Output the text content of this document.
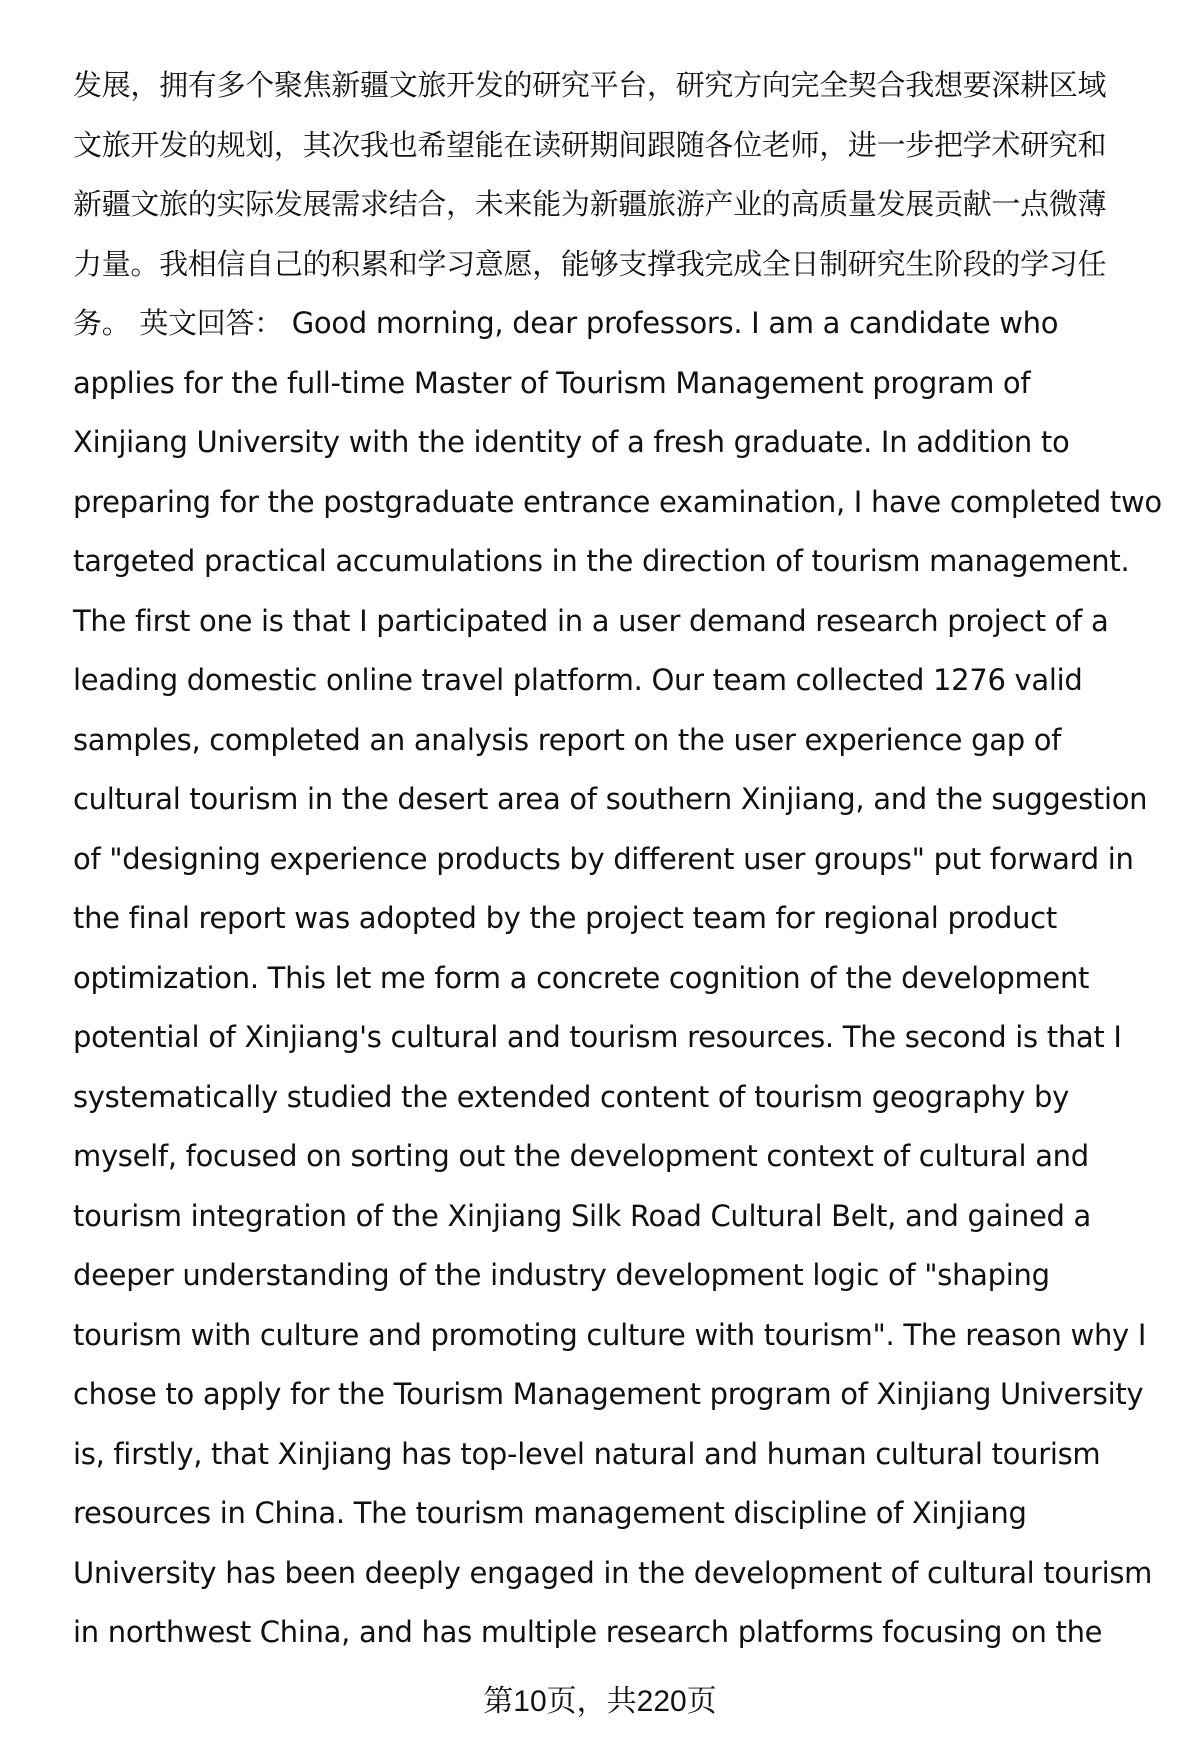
发展，拥有多个聚焦新疆文旅开发的研究平台，研究方向完全契合我想要深耕区域
文旅开发的规划，其次我也希望能在读研期间跟随各位老师，进一步把学术研究和
新疆文旅的实际发展需求结合，未来能为新疆旅游产业的高质量发展贡献一点微薄
力量。我相信自己的积累和学习意愿，能够支撑我完成全日制研究生阶段的学习任
务。 英文回答： Good morning, dear professors. I am a candidate who
applies for the full-time Master of Tourism Management program of
Xinjiang University with the identity of a fresh graduate. In addition to
preparing for the postgraduate entrance examination, I have completed two
targeted practical accumulations in the direction of tourism management.
The first one is that I participated in a user demand research project of a
leading domestic online travel platform. Our team collected 1276 valid
samples, completed an analysis report on the user experience gap of
cultural tourism in the desert area of southern Xinjiang, and the suggestion
of "designing experience products by different user groups" put forward in
the final report was adopted by the project team for regional product
optimization. This let me form a concrete cognition of the development
potential of Xinjiang's cultural and tourism resources. The second is that I
systematically studied the extended content of tourism geography by
myself, focused on sorting out the development context of cultural and
tourism integration of the Xinjiang Silk Road Cultural Belt, and gained a
deeper understanding of the industry development logic of "shaping
tourism with culture and promoting culture with tourism". The reason why I
chose to apply for the Tourism Management program of Xinjiang University
is, firstly, that Xinjiang has top-level natural and human cultural tourism
resources in China. The tourism management discipline of Xinjiang
University has been deeply engaged in the development of cultural tourism
in northwest China, and has multiple research platforms focusing on the
第10页，共220页
